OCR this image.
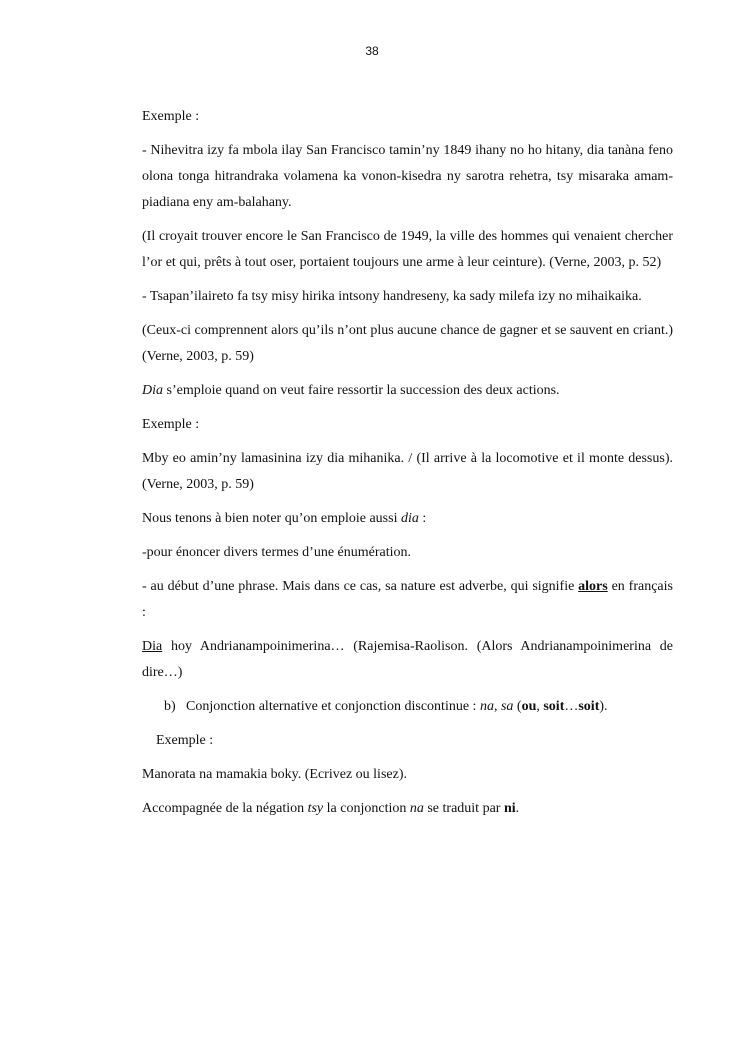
38

Exemple :

- Nihevitra izy fa mbola ilay San Francisco tamin’ny 1849 ihany no ho hitany, dia tanàna feno olona tonga hitrandraka volamena ka vonon-kisedra ny sarotra rehetra, tsy misaraka amam-piadiana eny am-balahany.

(Il croyait trouver encore le San Francisco de 1949, la ville des hommes qui venaient chercher l’or et qui, prêts à tout oser, portaient toujours une arme à leur ceinture). (Verne, 2003, p. 52)

- Tsapan’ilaireto fa tsy misy hirika intsony handreseny, ka sady milefa izy no mihaikaika.

(Ceux-ci comprennent alors qu’ils n’ont plus aucune chance de gagner et se sauvent en criant.) (Verne, 2003, p. 59)

Dia s’emploie quand on veut faire ressortir la succession des deux actions.

Exemple :

Mby eo amin’ny lamasinina izy dia mihanika. / (Il arrive à la locomotive et il monte dessus). (Verne, 2003, p. 59)

Nous tenons à bien noter qu’on emploie aussi dia :

-pour énoncer divers termes d’une énumération.

- au début d’une phrase. Mais dans ce cas, sa nature est adverbe, qui signifie alors en français :

Dia hoy Andrianampoinimerina… (Rajemisa-Raolison. (Alors Andrianampoinimerina de dire…)

b) Conjonction alternative et conjonction discontinue : na, sa (ou, soit…soit).

Exemple :

Manorata na mamakia boky. (Ecrivez ou lisez).

Accompagnée de la négation tsy la conjonction na se traduit par ni.
